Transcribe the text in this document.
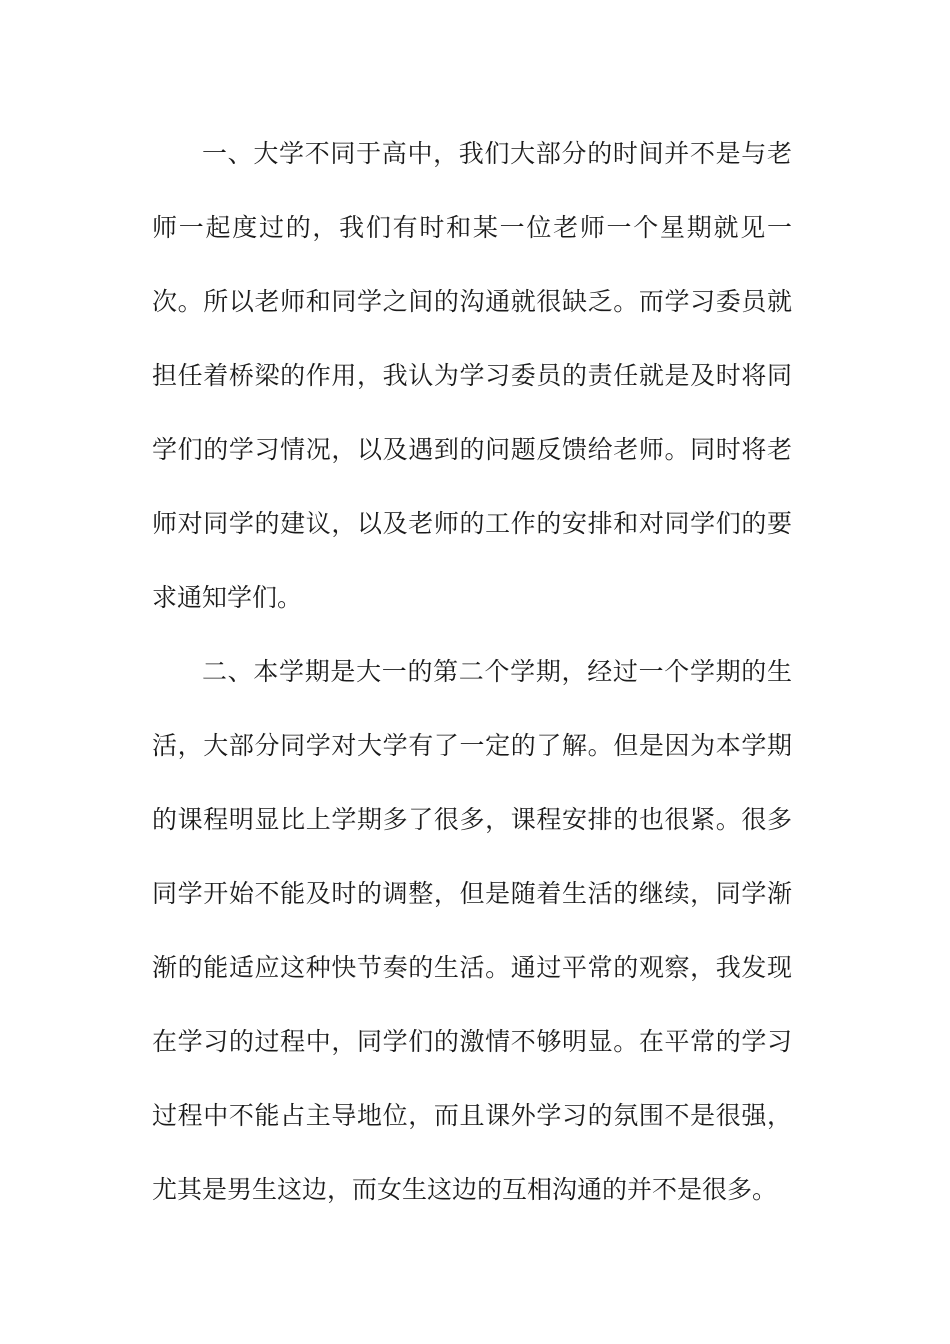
一、大学不同于高中，我们大部分的时间并不是与老
师一起度过的，我们有时和某一位老师一个星期就见一
次。所以老师和同学之间的沟通就很缺乏。而学习委员就
担任着桥梁的作用，我认为学习委员的责任就是及时将同
学们的学习情况，以及遇到的问题反馈给老师。同时将老
师对同学的建议，以及老师的工作的安排和对同学们的要
求通知学们。
二、本学期是大一的第二个学期，经过一个学期的生
活，大部分同学对大学有了一定的了解。但是因为本学期
的课程明显比上学期多了很多，课程安排的也很紧。很多
同学开始不能及时的调整，但是随着生活的继续，同学渐
渐的能适应这种快节奏的生活。通过平常的观察，我发现
在学习的过程中，同学们的激情不够明显。在平常的学习
过程中不能占主导地位，而且课外学习的氛围不是很强，
尤其是男生这边，而女生这边的互相沟通的并不是很多。
